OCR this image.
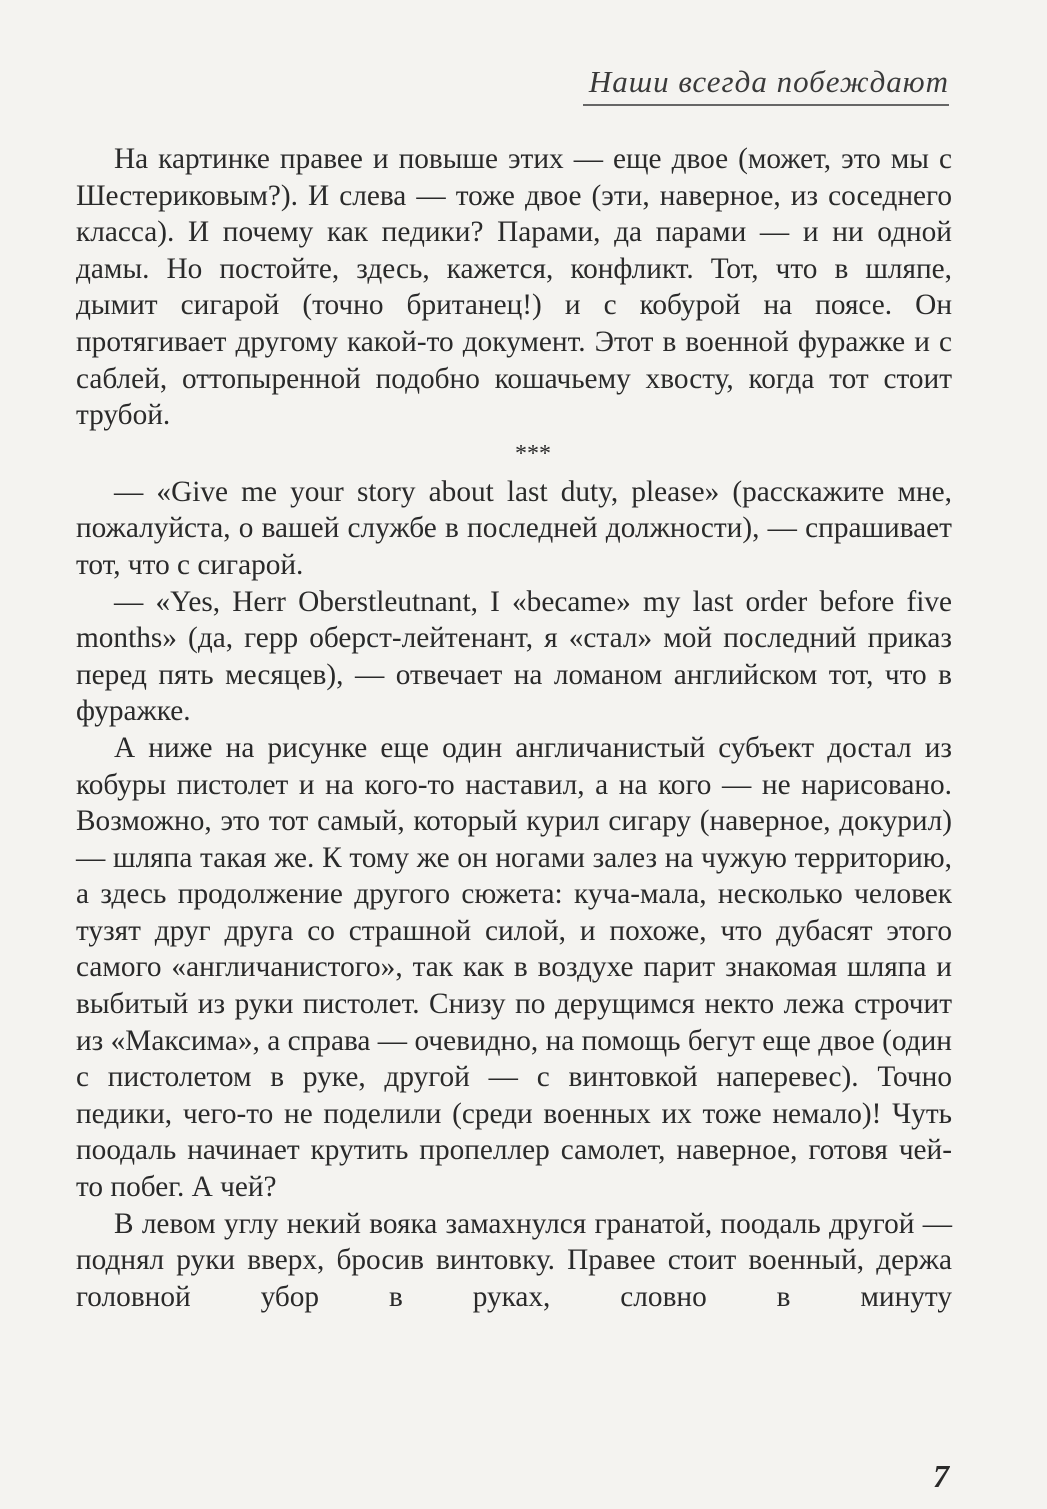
Наши всегда побеждают

На картинке правее и повыше этих — еще двое (может, это мы с Шестериковым?). И слева — тоже двое (эти, наверное, из соседнего класса). И почему как педики? Парами, да парами — и ни одной дамы. Но постойте, здесь, кажется, конфликт. Тот, что в шляпе, дымит сигарой (точно британец!) и с кобурой на поясе. Он протягивает другому какой-то документ. Этот в военной фуражке и с саблей, оттопыренной подобно кошачьему хвосту, когда тот стоит трубой.

***

— «Give me your story about last duty, please» (расскажите мне, пожалуйста, о вашей службе в последней должности), — спрашивает тот, что с сигарой.

— «Yes, Herr Oberstleutnant, I «became» my last order before five months» (да, герр оберст-лейтенант, я «стал» мой последний приказ перед пять месяцев), — отвечает на ломаном английском тот, что в фуражке.

А ниже на рисунке еще один англичанистый субъект достал из кобуры пистолет и на кого-то наставил, а на кого — не нарисовано. Возможно, это тот самый, который курил сигару (наверное, докурил) — шляпа такая же. К тому же он ногами залез на чужую территорию, а здесь продолжение другого сюжета: куча-мала, несколько человек тузят друг друга со страшной силой, и похоже, что дубасят этого самого «англичанистого», так как в воздухе парит знакомая шляпа и выбитый из руки пистолет. Снизу по дерущимся некто лежа строчит из «Максима», а справа — очевидно, на помощь бегут еще двое (один с пистолетом в руке, другой — с винтовкой наперевес). Точно педики, чего-то не поделили (среди военных их тоже немало)! Чуть поодаль начинает крутить пропеллер самолет, наверное, готовя чей-то побег. А чей?

В левом углу некий вояка замахнулся гранатой, поодаль другой — поднял руки вверх, бросив винтовку. Правее стоит военный, держа головной убор в руках, словно в минуту

7
